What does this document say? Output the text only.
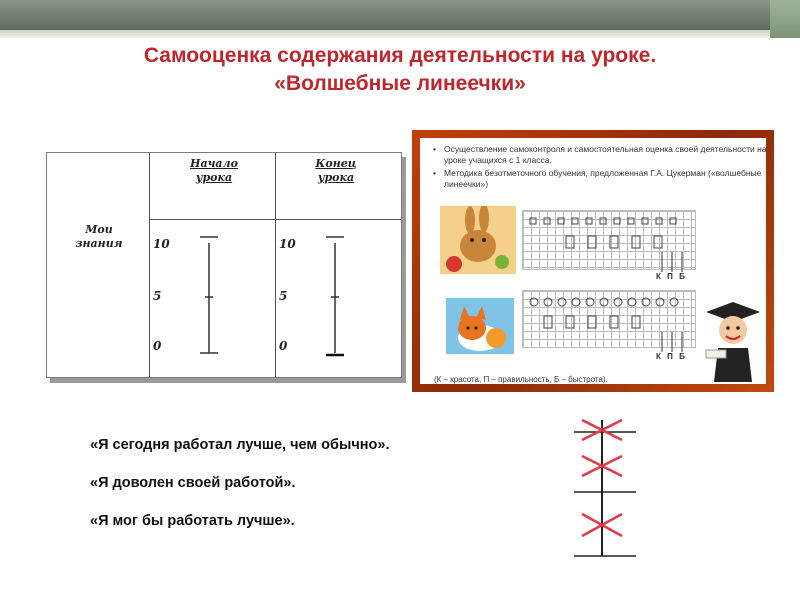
Самооценка содержания деятельности на уроке.
«Волшебные линеечки»
Мои
знания
Начало
урока
Конец
урока
10
5
0
10
5
0
• Осуществление самоконтроля и самостоятельная оценка своей деятельности на уроке учащихся с 1 класса.
• Методика безотметочного обучения, предложенная Г.А. Цукерман («волшебные линеечки»)
К П Б
К П Б
(К – красота, П – правильность, Б – быстрота).
«Я сегодня работал лучше, чем обычно».
«Я доволен своей работой».
«Я мог бы работать лучше».
